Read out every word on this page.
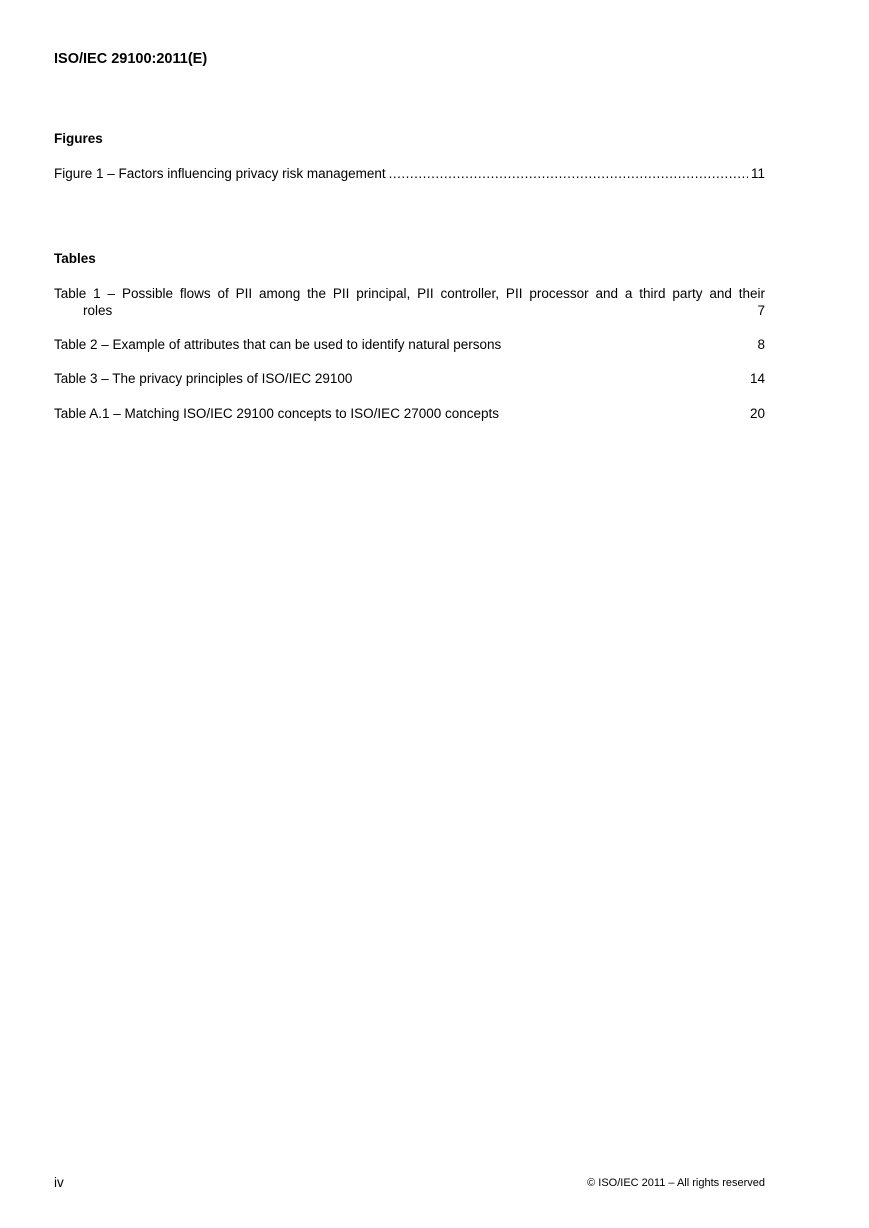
ISO/IEC 29100:2011(E)
Figures
Figure 1 – Factors influencing privacy risk management .....	11
Tables
Table 1 – Possible flows of PII among the PII principal, PII controller, PII processor and a third party and their
roles	7
Table 2 – Example of attributes that can be used to identify natural persons	8
Table 3 – The privacy principles of ISO/IEC 29100	14
Table A.1 – Matching ISO/IEC 29100 concepts to ISO/IEC 27000 concepts	20
iv	© ISO/IEC 2011 – All rights reserved
